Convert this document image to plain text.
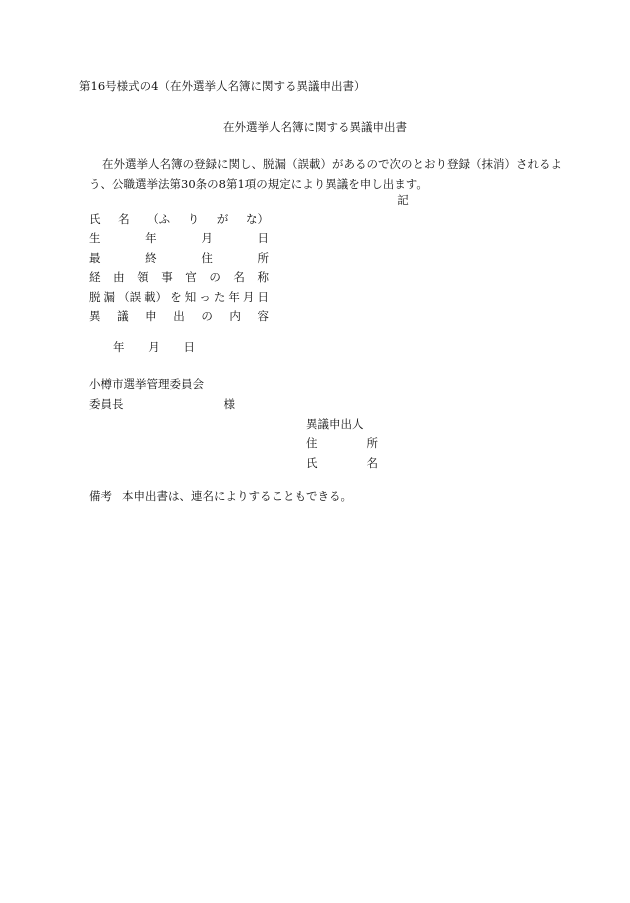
第16号様式の4（在外選挙人名簿に関する異議申出書）
在外選挙人名簿に関する異議申出書
在外選挙人名簿の登録に関し、脱漏（誤載）があるので次のとおり登録（抹消）されるよう、公職選挙法第30条の8第1項の規定により異議を申し出ます。
記
氏 名 （ふ り が な）
生	年	月	日
最	終	住	所
経 由 領 事 官 の 名 称
脱 漏 （誤 載） を 知 っ た 年 月 日
異 議 申 出 の 内 容
年 月 日
小樽市選挙管理委員会
委員長	様
異議申出人
住	所
氏	名
備考 本申出書は、連名によりすることもできる。
